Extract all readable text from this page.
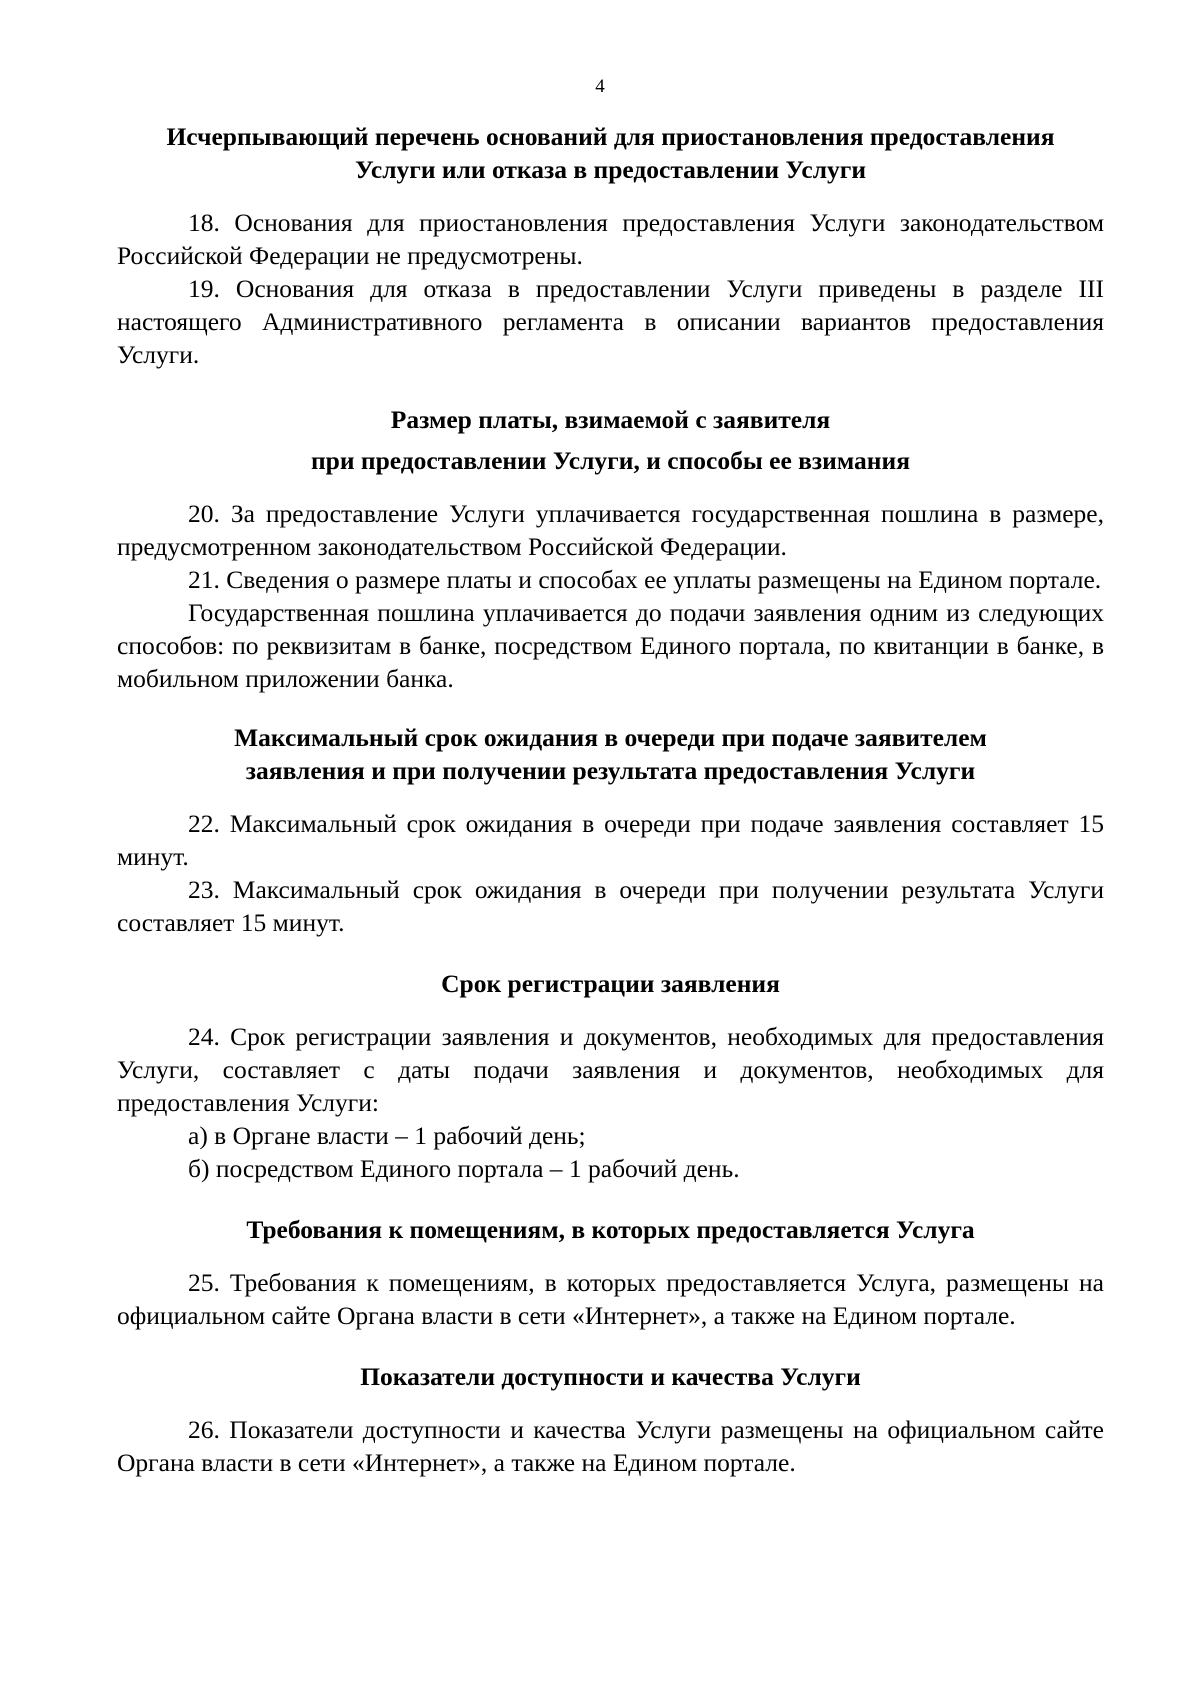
4

Исчерпывающий перечень оснований для приостановления предоставления Услуги или отказа в предоставлении Услуги

18. Основания для приостановления предоставления Услуги законодательством Российской Федерации не предусмотрены.

19. Основания для отказа в предоставлении Услуги приведены в разделе III настоящего Административного регламента в описании вариантов предоставления Услуги.

Размер платы, взимаемой с заявителя

при предоставлении Услуги, и способы ее взимания

20. За предоставление Услуги уплачивается государственная пошлина в размере, предусмотренном законодательством Российской Федерации.

21. Сведения о размере платы и способах ее уплаты размещены на Едином портале.

Государственная пошлина уплачивается до подачи заявления одним из следующих способов: по реквизитам в банке, посредством Единого портала, по квитанции в банке, в мобильном приложении банка.

Максимальный срок ожидания в очереди при подаче заявителем заявления и при получении результата предоставления Услуги

22. Максимальный срок ожидания в очереди при подаче заявления составляет 15 минут.

23. Максимальный срок ожидания в очереди при получении результата Услуги составляет 15 минут.

Срок регистрации заявления

24. Срок регистрации заявления и документов, необходимых для предоставления Услуги, составляет с даты подачи заявления и документов, необходимых для предоставления Услуги:

а) в Органе власти – 1 рабочий день;

б) посредством Единого портала – 1 рабочий день.

Требования к помещениям, в которых предоставляется Услуга

25. Требования к помещениям, в которых предоставляется Услуга, размещены на официальном сайте Органа власти в сети «Интернет», а также на Едином портале.

Показатели доступности и качества Услуги

26. Показатели доступности и качества Услуги размещены на официальном сайте Органа власти в сети «Интернет», а также на Едином портале.
